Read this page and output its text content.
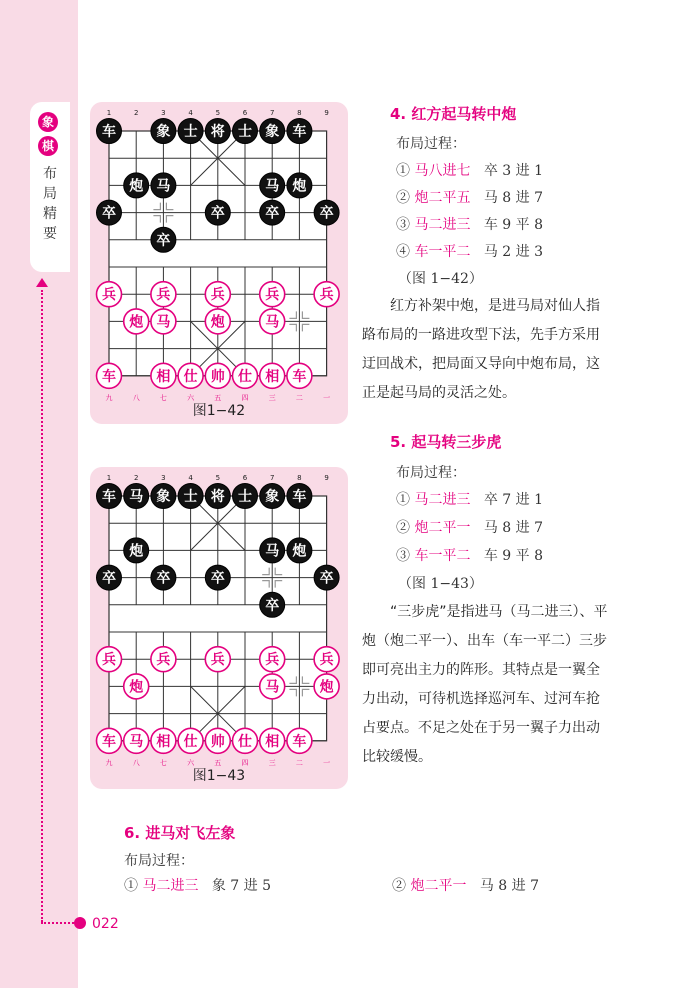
象
棋
布局精要
022
1	2	3	4	5	6	7	8	9
九	八	七	六	五	四	三	二	一
车	象 士 将 士 象 车
炮 马	马 炮
卒	卒	卒	卒
卒
兵	兵	兵	兵	兵
炮 马	炮	马
车	相 仕 帅 仕 相 车
图1−42
1	2	3	4	5	6	7	8	9
九	八	七	六	五	四	三	二	一
车 马 象 士 将 士 象 车
炮	马 炮
卒	卒	卒	卒
卒
兵	兵	兵	兵	兵
炮	马	炮
车 马 相 仕 帅 仕 相 车
图1−43
4. 红方起马转中炮
布局过程：
① 马八进七 卒 3 进 1
② 炮二平五 马 8 进 7
③ 马二进三 车 9 平 8
④ 车一平二 马 2 进 3
（图 1−42）
红方补架中炮，是进马局对仙人指路布局的一路进攻型下法，先手方采用迂回战术，把局面又导向中炮布局，这正是起马局的灵活之处。
5. 起马转三步虎
布局过程：
① 马二进三 卒 7 进 1
② 炮二平一 马 8 进 7
③ 车一平二 车 9 平 8
（图 1−43）
“三步虎”是指进马（马二进三）、平炮（炮二平一）、出车（车一平二）三步即可亮出主力的阵形。其特点是一翼全力出动，可待机选择巡河车、过河车抢占要点。不足之处在于另一翼子力出动比较缓慢。
6. 进马对飞左象
布局过程：
① 马二进三 象 7 进 5	② 炮二平一 马 8 进 7
